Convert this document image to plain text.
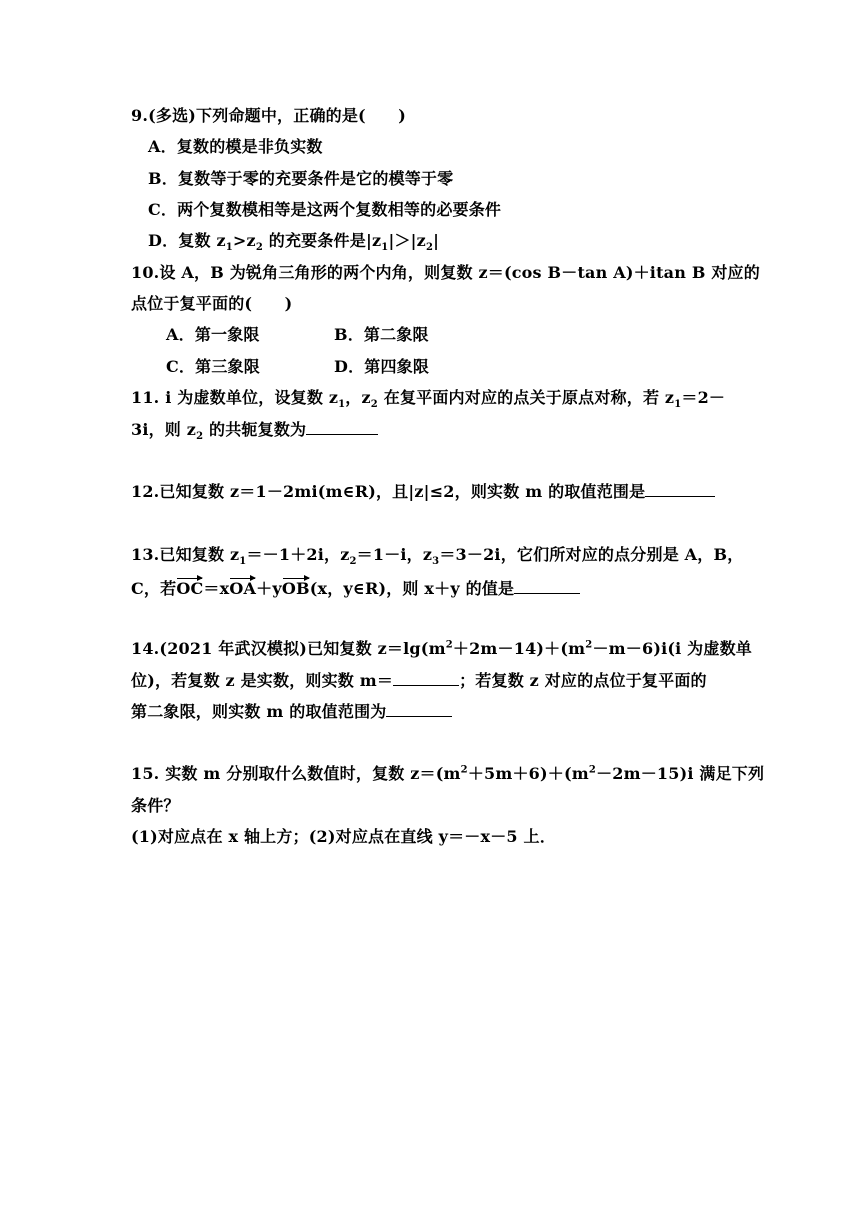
9.(多选)下列命题中，正确的是(　　)
A．复数的模是非负实数
B．复数等于零的充要条件是它的模等于零
C．两个复数模相等是这两个复数相等的必要条件
D．复数 $z_1>z_2$ 的充要条件是$|z_1|>|z_2|$
10.设 A，B 为锐角三角形的两个内角，则复数 z＝(cos B－tan A)＋itan B 对应的
点位于复平面的(　　)
A．第一象限	B．第二象限
C．第三象限	D．第四象限
11. i 为虚数单位，设复数 $z_1$，$z_2$ 在复平面内对应的点关于原点对称，若 $z_1=2-$
3i，则 $z_2$ 的共轭复数为
12.已知复数 z＝1－2mi(m∈R)，且|z|≤2，则实数 m 的取值范围是
13.已知复数 $z_1=-1+2i$，$z_2=1-i$，$z_3=3-2i$，它们所对应的点分别是 A，B，
C，若OC＝xOA＋yOB(x，y∈R)，则 x＋y 的值是
14.(2021 年武汉模拟)已知复数 $z=\lg(m^2+2m-14)+(m^2-m-6)i(i$ 为虚数单
位)，若复数 z 是实数，则实数 m＝	；若复数 z 对应的点位于复平面的
第二象限，则实数 m 的取值范围为
15. 实数 m 分别取什么数值时，复数 $z=(m^2+5m+6)+(m^2-2m-15)i$ 满足下列
条件？
(1)对应点在 x 轴上方；(2)对应点在直线 y＝－x－5 上．
